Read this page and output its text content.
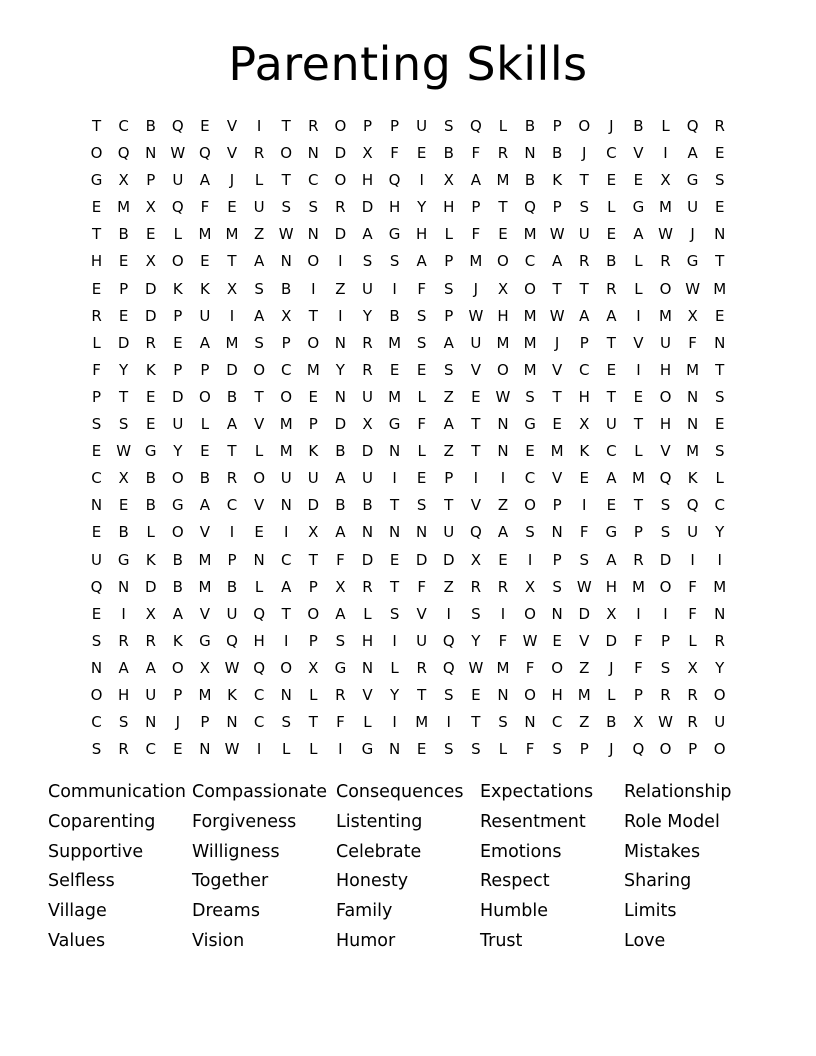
Parenting Skills
T	C	B	Q	E	V	I	T	R	O	P	P	U	S	Q	L	B	P	O	J	B	L	Q	R
O	Q	N W Q	V	R	O	N	D	X	F	E	B	F	R	N	B	J	C	V	I	A	E
G	X	P	U	A	J	L	T	C	O	H	Q	I	X	A	M	B	K	T	E	E	X	G	S
E	M	X	Q	F	E	U	S	S	R	D	H	Y	H	P	T	Q	P	S	L	G M	U	E
T	B	E	L	M M	Z W N	D	A	G	H	L	F	E	M W U	E	A W	J	N
H	E	X	O	E	T	A	N	O	I	S	S	A	P	M O	C	A	R	B	L	R	G	T
E	P	D	K	K	X	S	B	I	Z	U	I	F	S	J	X	O	T	T	R	L	O W M
R	E	D	P	U	I	A	X	T	I	Y	B	S	P	W H M W A	A	I	M	X	E
L	D	R	E	A	M	S	P	O	N	R	M	S	A	U	M M	J	P	T	V	U	F	N
F	Y	K	P	P	D	O	C	M	Y	R	E	E	S	V	O M	V	C	E	I	H M	T
P	T	E	D	O	B	T	O	E	N	U	M	L	Z	E W S	T	H	T	E	O	N	S
S	S	E	U	L	A	V	M	P	D	X	G	F	A	T	N	G	E	X	U	T	H	N	E
E W G	Y	E	T	L	M	K	B	D	N	L	Z	T	N	E	M	K	C	L	V	M	S
C	X	B	O	B	R	O	U	U	A	U	I	E	P	I	I	C	V	E	A	M Q	K	L
N	E	B	G	A	C	V	N	D	B	B	T	S	T	V	Z	O	P	I	E	T	S	Q	C
E	B	L	O	V	I	E	I	X	A	N	N	N	U	Q	A	S	N	F	G	P	S	U	Y
U	G	K	B	M	P	N	C	T	F	D	E	D	D	X	E	I	P	S	A	R	D	I	I
Q	N	D	B	M	B	L	A	P	X	R	T	F	Z	R	R	X	S W H M O	F	M
E	I	X	A	V	U	Q	T	O	A	L	S	V	I	S	I	O	N	D	X	I	I	F	N
S	R	R	K	G	Q	H	I	P	S	H	I	U	Q	Y	F	W E	V	D	F	P	L	R
N	A	A	O	X W Q	O	X	G	N	L	R	Q W M	F	O	Z	J	F	S	X	Y
O	H	U	P	M	K	C	N	L	R	V	Y	T	S	E	N	O	H M	L	P	R	R	O
C	S	N	J	P	N	C	S	T	F	L	I	M	I	T	S	N	C	Z	B	X W R	U
S	R	C	E	N W	I	L	L	I	G	N	E	S	S	L	F	S	P	J	Q	O	P	O
Communication Compassionate Consequences Expectations	Relationship
Coparenting	Forgiveness	Listenting	Resentment	Role Model
Supportive	Willigness	Celebrate	Emotions	Mistakes
Selfless	Together	Honesty	Respect	Sharing
Village	Dreams	Family	Humble	Limits
Values	Vision	Humor	Trust	Love
